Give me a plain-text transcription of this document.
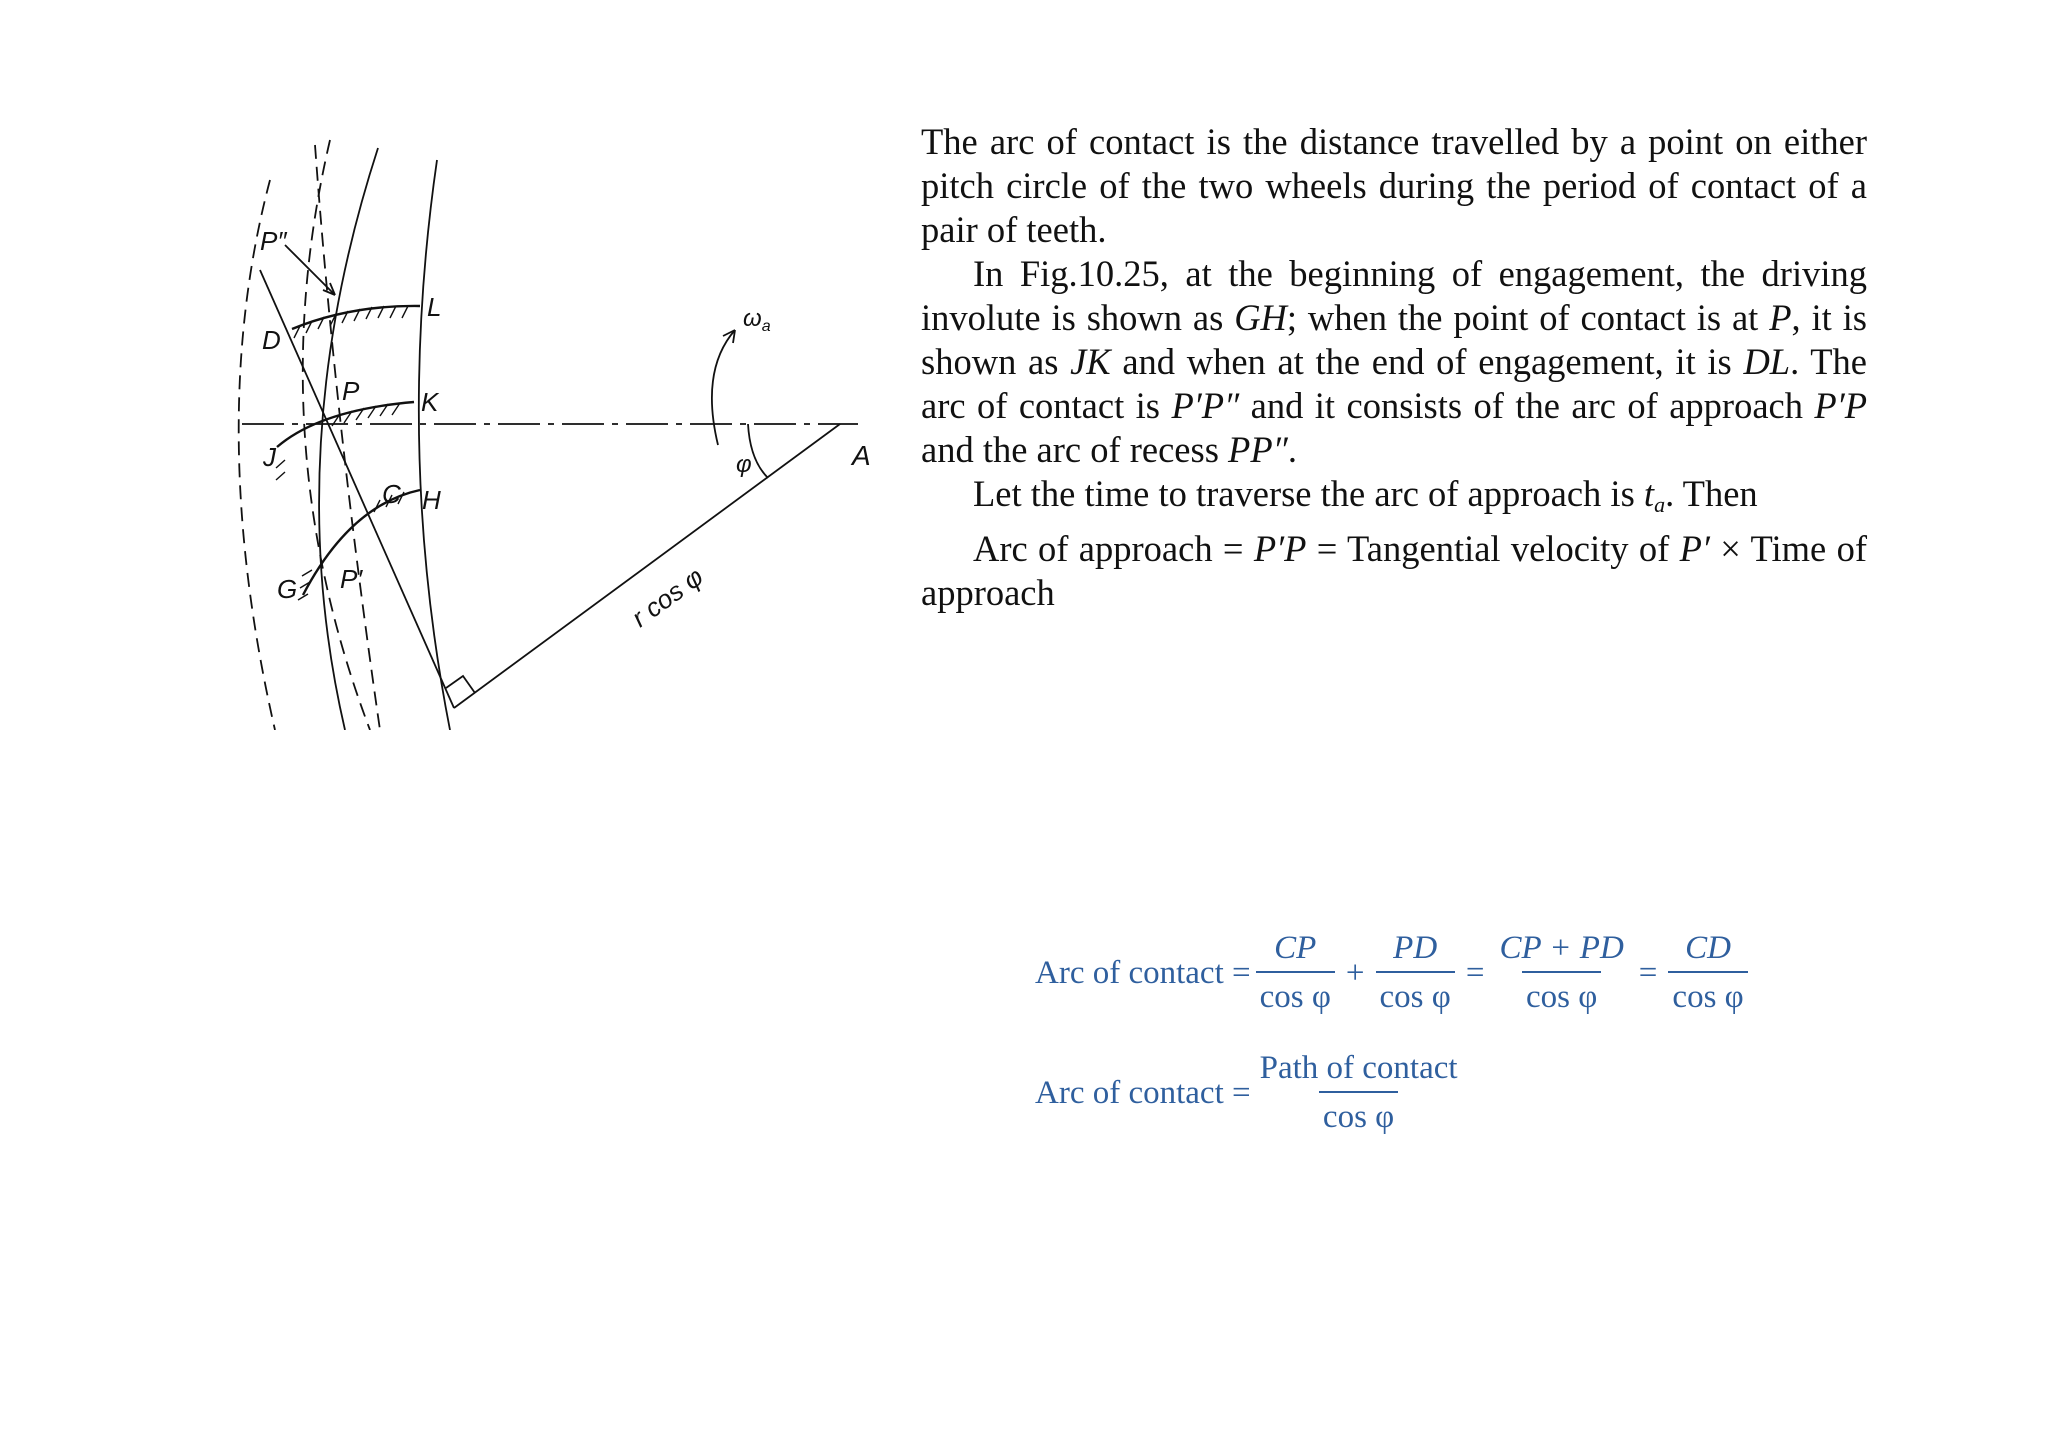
P″
D
L
P K
J
C H
G P′
$\omega_a$
φ	A
r cos φ

The arc of contact is the distance travelled by a point on either pitch circle of the two wheels during the period of contact of a pair of teeth.

In Fig.10.25, at the beginning of engagement, the driving involute is shown as GH; when the point of contact is at P, it is shown as JK and when at the end of engagement, it is DL. The arc of contact is P′P″ and it consists of the arc of approach P′P and the arc of recess PP″.

Let the time to traverse the arc of approach is $t_a$. Then

Arc of approach = P′P = Tangential velocity of P′ × Time of approach

Arc of contact = $\frac{CP}{\text{cos φ}} + \frac{PD}{\text{cos φ}} = \frac{CP + PD}{\text{cos φ}} = \frac{CD}{\text{cos φ}}$
Arc of contact = $\frac{\text{Path of contact}}{\text{cos φ}}$
